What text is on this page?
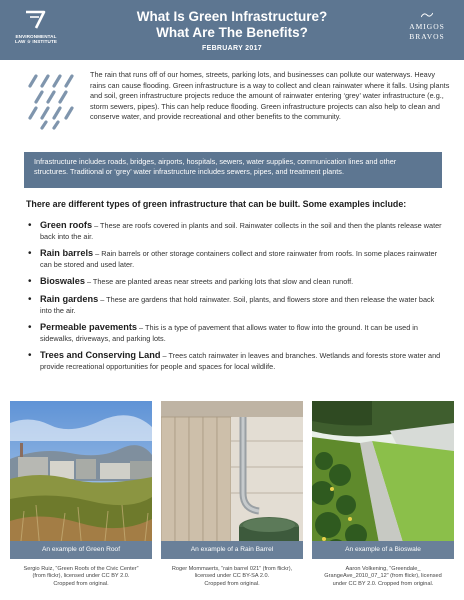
ENVIRONMENTAL
LAW ☆ INSTITUTE
What Is Green Infrastructure?
What Are The Benefits?
FEBRUARY 2017
AMIGOS
BRAVOS

The rain that runs off of our homes, streets, parking lots, and businesses can pollute our waterways. Heavy rains can cause flooding. Green infrastructure is a way to collect and clean rainwater where it falls. Using plants and soil, green infrastructure projects reduce the amount of rainwater entering ‘grey’ water infrastructure (e.g., storm sewers, pipes). This can help reduce flooding. Green infrastructure projects can also help to clean and conserve water, and provide recreational and other benefits to the community.

Infrastructure includes roads, bridges, airports, hospitals, sewers, water supplies, communication lines and other structures. Traditional or ‘grey’ water infrastructure includes sewers, pipes, and treatment plants.

There are different types of green infrastructure that can be built. Some examples include:
• Green roofs – These are roofs covered in plants and soil. Rainwater collects in the soil and then the plants release water back into the air.
• Rain barrels – Rain barrels or other storage containers collect and store rainwater from roofs. In some places rainwater can be stored and used later.
• Bioswales – These are planted areas near streets and parking lots that slow and clean runoff.
• Rain gardens – These are gardens that hold rainwater. Soil, plants, and flowers store and then release the water back into the air.
• Permeable pavements – This is a type of pavement that allows water to flow into the ground. It can be used in sidewalks, driveways, and parking lots.
• Trees and Conserving Land – Trees catch rainwater in leaves and branches. Wetlands and forests store water and provide recreational opportunities for people and spaces for local wildlife.
An example of Green Roof	An example of a Rain Barrel	An example of a Bioswale
Sergio Ruiz, “Green Roofs of the Civic Center”
(from flickr), licensed under CC BY 2.0.
Cropped from original.
Roger Mommaerts, “rain barrel 021” (from flickr),
licensed under CC BY-SA 2.0.
Cropped from original.
Aaron Volkening, “Greendale_
GrangeAve_2010_07_12” (from flickr), licensed
under CC BY 2.0. Cropped from original.
